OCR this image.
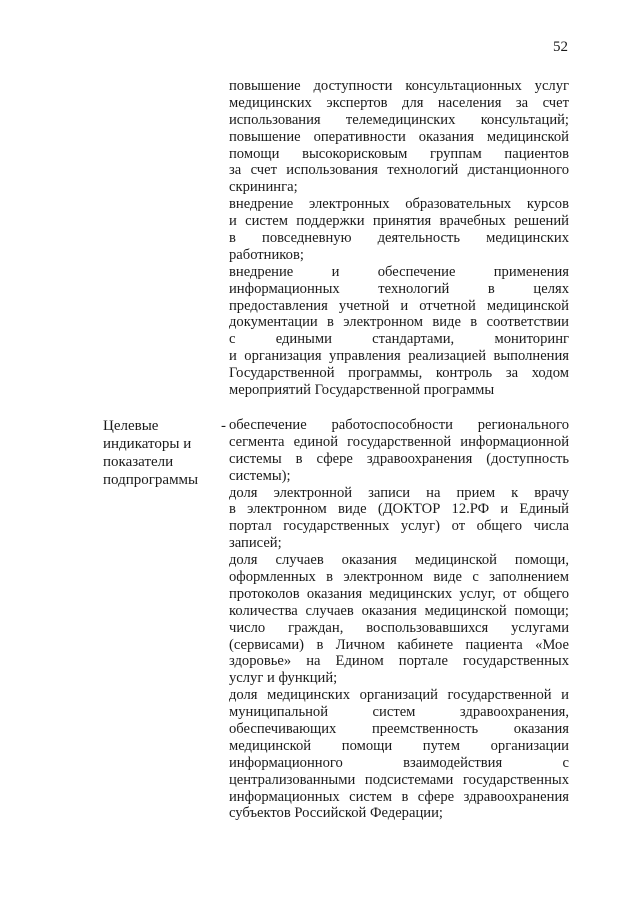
52
повышение доступности консультационных услуг
медицинских экспертов для населения за счет
использования телемедицинских консультаций;
повышение оперативности оказания медицинской
помощи высокорисковым группам пациентов
за счет использования технологий дистанционного
скрининга;
внедрение электронных образовательных курсов
и систем поддержки принятия врачебных решений
в повседневную деятельность медицинских
работников;
внедрение и обеспечение применения
информационных технологий в целях
предоставления учетной и отчетной медицинской
документации в электронном виде в соответствии
с едиными стандартами, мониторинг
и организация управления реализацией выполнения
Государственной программы, контроль за ходом
мероприятий Государственной программы
Целевые
индикаторы и
показатели
подпрограммы
- обеспечение работоспособности регионального
сегмента единой государственной информационной
системы в сфере здравоохранения (доступность
системы);
доля электронной записи на прием к врачу
в электронном виде (ДОКТОР 12.РФ и Единый
портал государственных услуг) от общего числа
записей;
доля случаев оказания медицинской помощи,
оформленных в электронном виде с заполнением
протоколов оказания медицинских услуг, от общего
количества случаев оказания медицинской помощи;
число граждан, воспользовавшихся услугами
(сервисами) в Личном кабинете пациента «Мое
здоровье» на Едином портале государственных
услуг и функций;
доля медицинских организаций государственной и
муниципальной систем здравоохранения,
обеспечивающих преемственность оказания
медицинской помощи путем организации
информационного взаимодействия с
централизованными подсистемами государственных
информационных систем в сфере здравоохранения
субъектов Российской Федерации;
